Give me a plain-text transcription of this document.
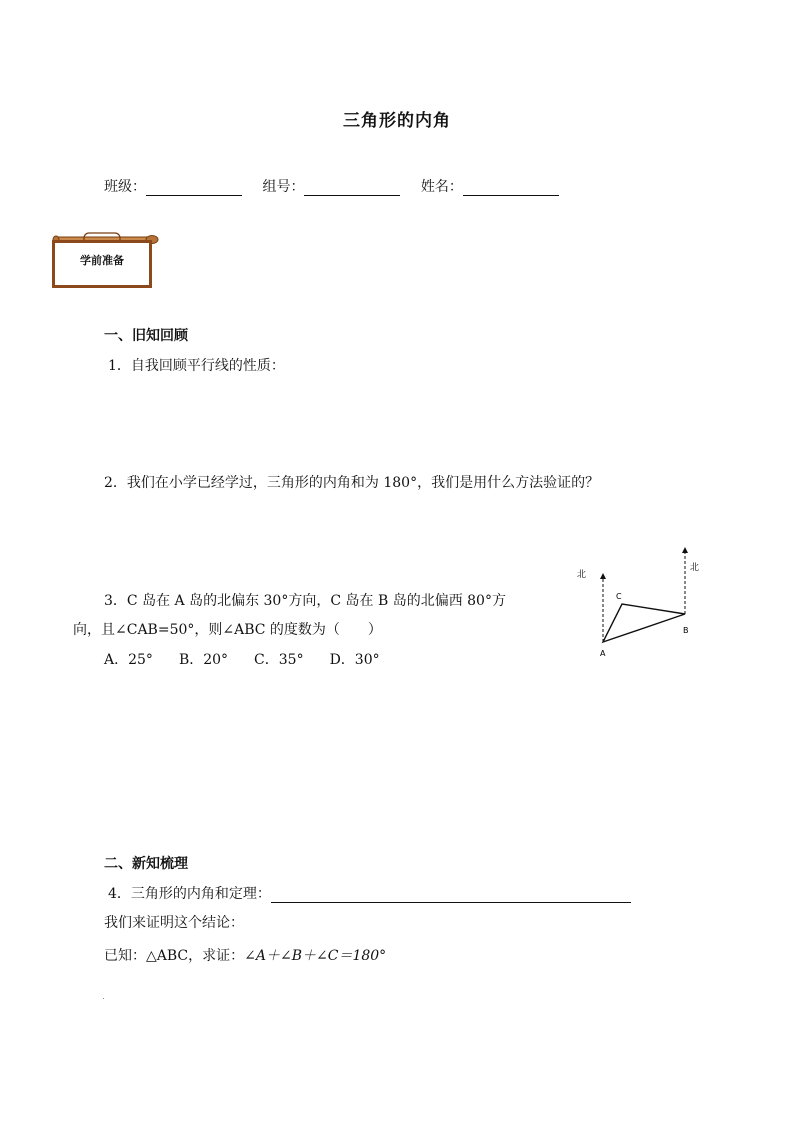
三角形的内角
班级：	组号：	姓名：
学前准备
一、旧知回顾
1．自我回顾平行线的性质：
2．我们在小学已经学过，三角形的内角和为 180°，我们是用什么方法验证的？
3．C 岛在 A 岛的北偏东 30°方向，C 岛在 B 岛的北偏西 80°方
向，且∠CAB=50°，则∠ABC 的度数为（　　）
A．25° B．20° C．35° D．30°
北
北
C
B
A
二、新知梳理
4．三角形的内角和定理：
我们来证明这个结论：
已知：△ABC，求证：∠A＋∠B＋∠C＝180°
